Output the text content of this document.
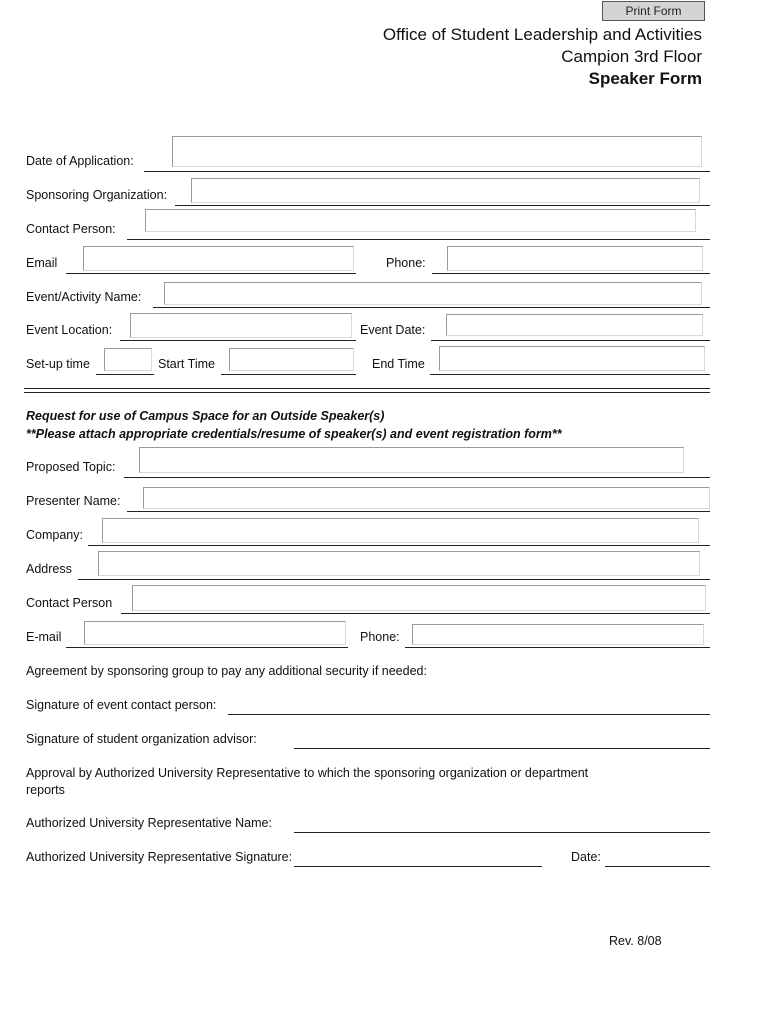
Print Form
Office of Student Leadership and Activities
Campion 3rd Floor
Speaker Form
Date of Application:
Sponsoring Organization:
Contact Person:
Email	Phone:
Event/Activity Name:
Event Location:	Event Date:
Set-up time	Start Time	End Time
Request for use of Campus Space for an Outside Speaker(s)
**Please attach appropriate credentials/resume of speaker(s) and event registration form**
Proposed Topic:
Presenter Name:
Company:
Address
Contact Person
E-mail	Phone:
Agreement by sponsoring group to pay any additional security if needed:
Signature of event contact person:
Signature of student organization advisor:
Approval by Authorized University Representative to which the sponsoring organization or department
reports
Authorized University Representative Name:
Authorized University Representative Signature:	Date:
Rev. 8/08
